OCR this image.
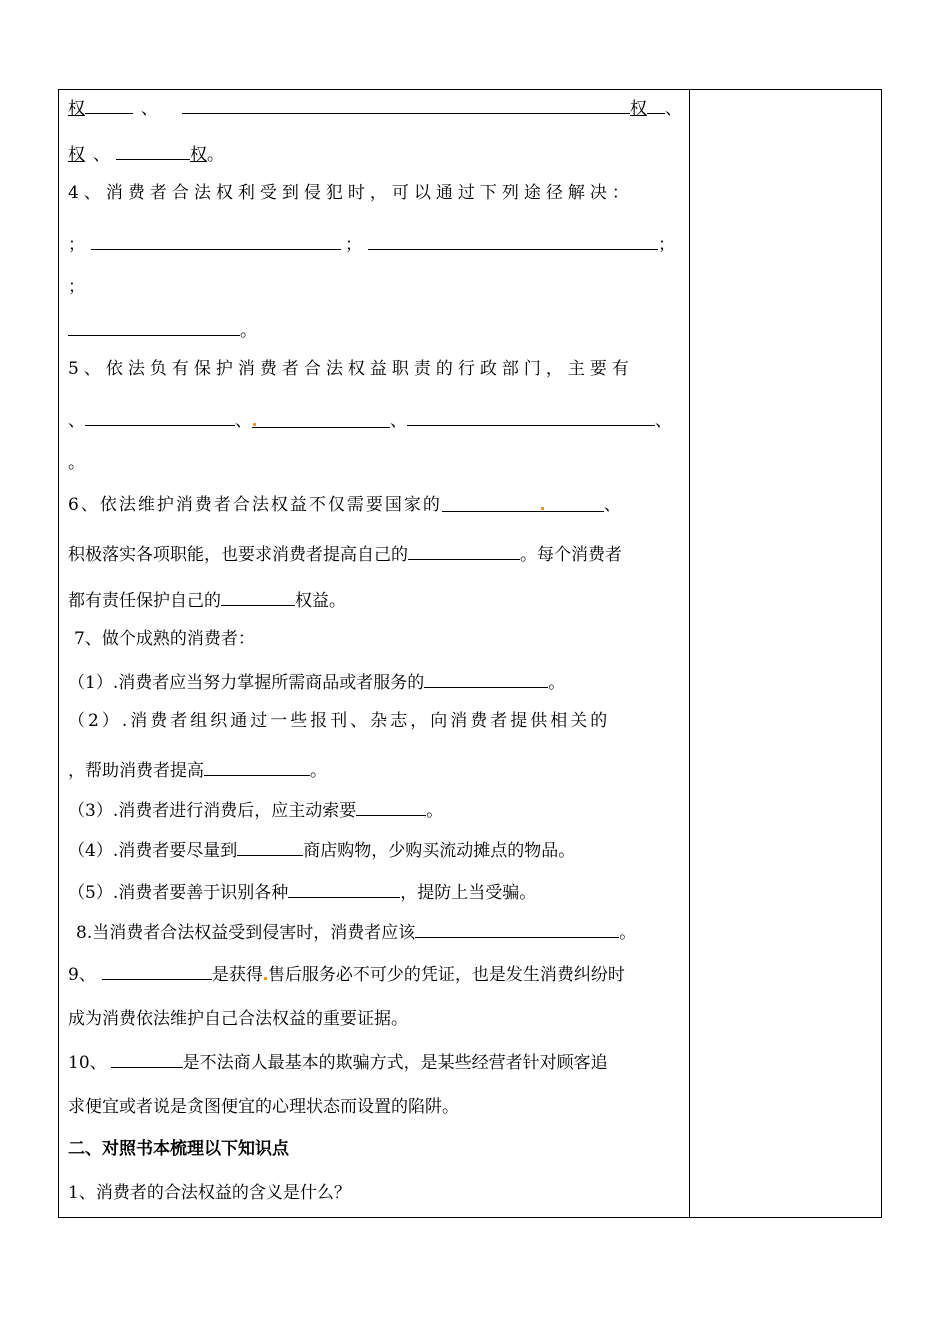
权	、	权 、
权 、	权。
4、消费者合法权利受到侵犯时，可以通过下列途径解决：
；	；	；
；
。
5、依法负有保护消费者合法权益职责的行政部门，主要有
、	、	、	、
。
6、依法维护消费者合法权益不仅需要国家的	、
积极落实各项职能，也要求消费者提高自己的	。每个消费者
都有责任保护自己的	权益。
7、做个成熟的消费者：
（1）.消费者应当努力掌握所需商品或者服务的	。
（2）.消费者组织通过一些报刊、杂志，向消费者提供相关的
，帮助消费者提高	。
（3）.消费者进行消费后，应主动索要	。
（4）.消费者要尽量到	商店购物，少购买流动摊点的物品。
（5）.消费者要善于识别各种	，提防上当受骗。
8.当消费者合法权益受到侵害时，消费者应该	。
9、	是获得 售后服务必不可少的凭证，也是发生消费纠纷时
成为消费依法维护自己合法权益的重要证据。
10、	是不法商人最基本的欺骗方式，是某些经营者针对顾客追
求便宜或者说是贪图便宜的心理状态而设置的陷阱。
二、对照书本梳理以下知识点
1、消费者的合法权益的含义是什么？
